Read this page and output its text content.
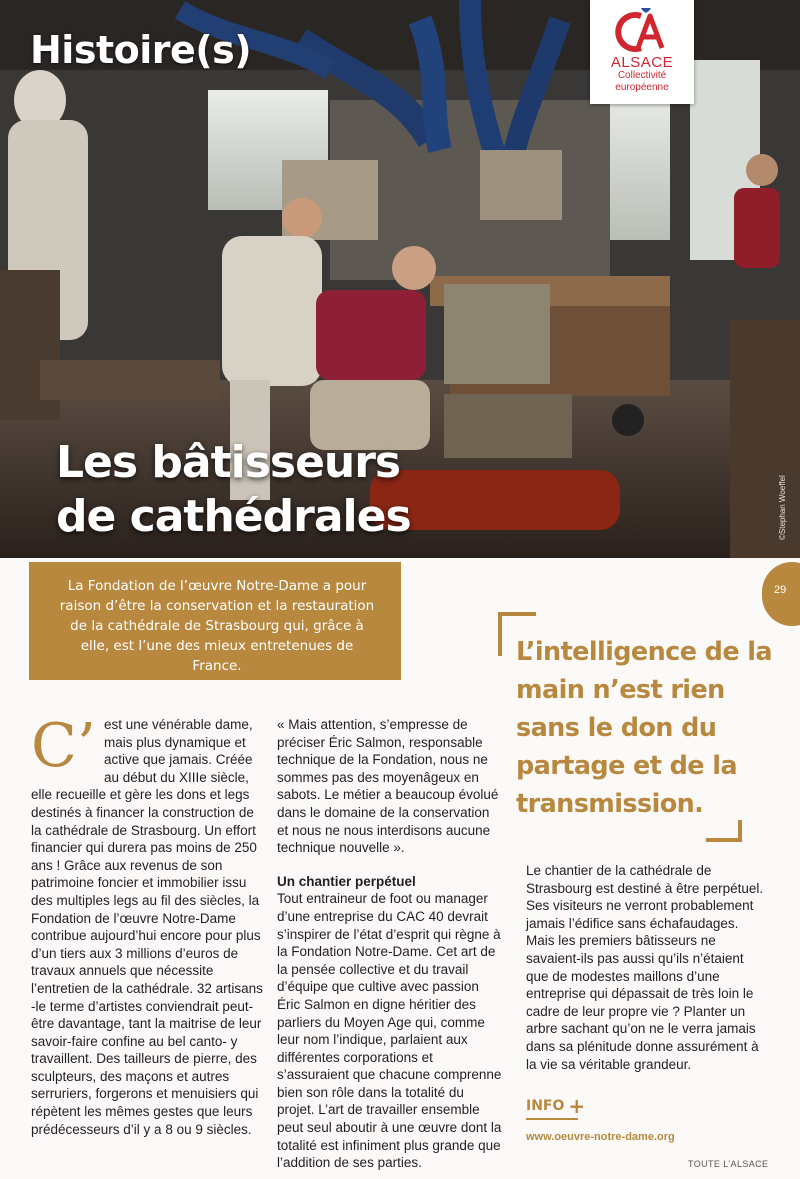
Histoire(s)
Les bâtisseurs
de cathédrales	©Stephan Woeffel
ALSACE
Collectivité
européenne
La Fondation de l’œuvre Notre-Dame a pour raison d’être la conservation et la restauration de la cathédrale de Strasbourg qui, grâce à elle, est l’une des mieux entretenues de France.
29
L’intelligence de la main n’est rien sans le don du partage et de la transmission.
C’ est une vénérable dame, mais plus dynamique et active que jamais. Créée au début du XIIIe siècle, elle recueille et gère les dons et legs destinés à financer la construction de la cathédrale de Strasbourg. Un effort financier qui durera pas moins de 250 ans ! Grâce aux revenus de son patrimoine foncier et immobilier issu des multiples legs au fil des siècles, la Fondation de l’œuvre Notre-Dame contribue aujourd’hui encore pour plus d’un tiers aux 3 millions d’euros de travaux annuels que nécessite l’entretien de la cathédrale. 32 artisans -le terme d’artistes conviendrait peut-être davantage, tant la maitrise de leur savoir-faire confine au bel canto- y travaillent. Des tailleurs de pierre, des sculpteurs, des maçons et autres serruriers, forgerons et menuisiers qui répètent les mêmes gestes que leurs prédécesseurs d’il y a 8 ou 9 siècles.

« Mais attention, s’empresse de préciser Éric Salmon, responsable technique de la Fondation, nous ne sommes pas des moyenâgeux en sabots. Le métier a beaucoup évolué dans le domaine de la conservation et nous ne nous interdisons aucune technique nouvelle ».

Un chantier perpétuel

Tout entraineur de foot ou manager d’une entreprise du CAC 40 devrait s’inspirer de l’état d’esprit qui règne à la Fondation Notre-Dame. Cet art de la pensée collective et du travail d’équipe que cultive avec passion Éric Salmon en digne héritier des parliers du Moyen Age qui, comme leur nom l’indique, parlaient aux différentes corporations et s’assuraient que chacune comprenne bien son rôle dans la totalité du projet. L’art de travailler ensemble peut seul aboutir à une œuvre dont la totalité est infiniment plus grande que l’addition de ses parties.

Le chantier de la cathédrale de Strasbourg est destiné à être perpétuel. Ses visiteurs ne verront probablement jamais l’édifice sans échafaudages. Mais les premiers bâtisseurs ne savaient-ils pas aussi qu’ils n’étaient que de modestes maillons d’une entreprise qui dépassait de très loin le cadre de leur propre vie ? Planter un arbre sachant qu’on ne le verra jamais dans sa plénitude donne assurément à la vie sa véritable grandeur.
INFO +
www.oeuvre-notre-dame.org
TOUTE L’ALSACE
